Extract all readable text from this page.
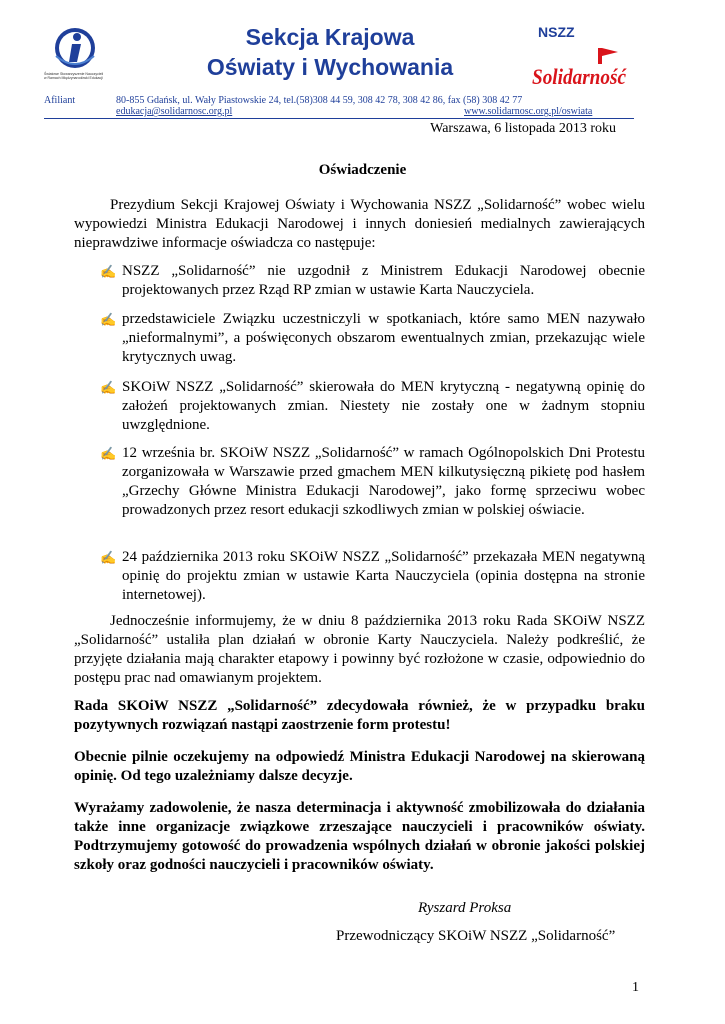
Światowe Stowarzyszenie Nauczycieli w Ramach Międzynarodówki Edukacji
Sekcja Krajowa
Oświaty i Wychowania
NSZZ
Solidarność
Afiliant	80-855 Gdańsk, ul. Wały Piastowskie 24, tel.(58)308 44 59, 308 42 78, 308 42 86, fax (58) 308 42 77
edukacja@solidarnosc.org.pl	www.solidarnosc.org.pl/oswiata
Warszawa, 6 listopada 2013 roku
Oświadczenie
Prezydium Sekcji Krajowej Oświaty i Wychowania NSZZ „Solidarność” wobec wielu wypowiedzi Ministra Edukacji Narodowej i innych doniesień medialnych zawierających nieprawdziwe informacje oświadcza co następuje:
✍ NSZZ „Solidarność” nie uzgodnił z Ministrem Edukacji Narodowej obecnie projektowanych przez Rząd RP zmian w ustawie Karta Nauczyciela.
✍ przedstawiciele Związku uczestniczyli w spotkaniach, które samo MEN nazywało „nieformalnymi”, a poświęconych obszarom ewentualnych zmian, przekazując wiele krytycznych uwag.
✍ SKOiW NSZZ „Solidarność” skierowała do MEN krytyczną - negatywną opinię do założeń projektowanych zmian. Niestety nie zostały one w żadnym stopniu uwzględnione.
✍ 12 września br. SKOiW NSZZ „Solidarność” w ramach Ogólnopolskich Dni Protestu zorganizowała w Warszawie przed gmachem MEN kilkutysięczną pikietę pod hasłem „Grzechy Główne Ministra Edukacji Narodowej”, jako formę sprzeciwu wobec prowadzonych przez resort edukacji szkodliwych zmian w polskiej oświacie.
✍ 24 października 2013 roku SKOiW NSZZ „Solidarność” przekazała MEN negatywną opinię do projektu zmian w ustawie Karta Nauczyciela (opinia dostępna na stronie internetowej).
Jednocześnie informujemy, że w dniu 8 października 2013 roku Rada SKOiW NSZZ „Solidarność” ustaliła plan działań w obronie Karty Nauczyciela. Należy podkreślić, że przyjęte działania mają charakter etapowy i powinny być rozłożone w czasie, odpowiednio do postępu prac nad omawianym projektem.
Rada SKOiW NSZZ „Solidarność” zdecydowała również, że w przypadku braku pozytywnych rozwiązań nastąpi zaostrzenie form protestu!
Obecnie pilnie oczekujemy na odpowiedź Ministra Edukacji Narodowej na skierowaną opinię. Od tego uzależniamy dalsze decyzje.
Wyrażamy zadowolenie, że nasza determinacja i aktywność zmobilizowała do działania także inne organizacje związkowe zrzeszające nauczycieli i pracowników oświaty. Podtrzymujemy gotowość do prowadzenia wspólnych działań w obronie jakości polskiej szkoły oraz godności nauczycieli i pracowników oświaty.
Ryszard Proksa
Przewodniczący SKOiW NSZZ „Solidarność”
1
